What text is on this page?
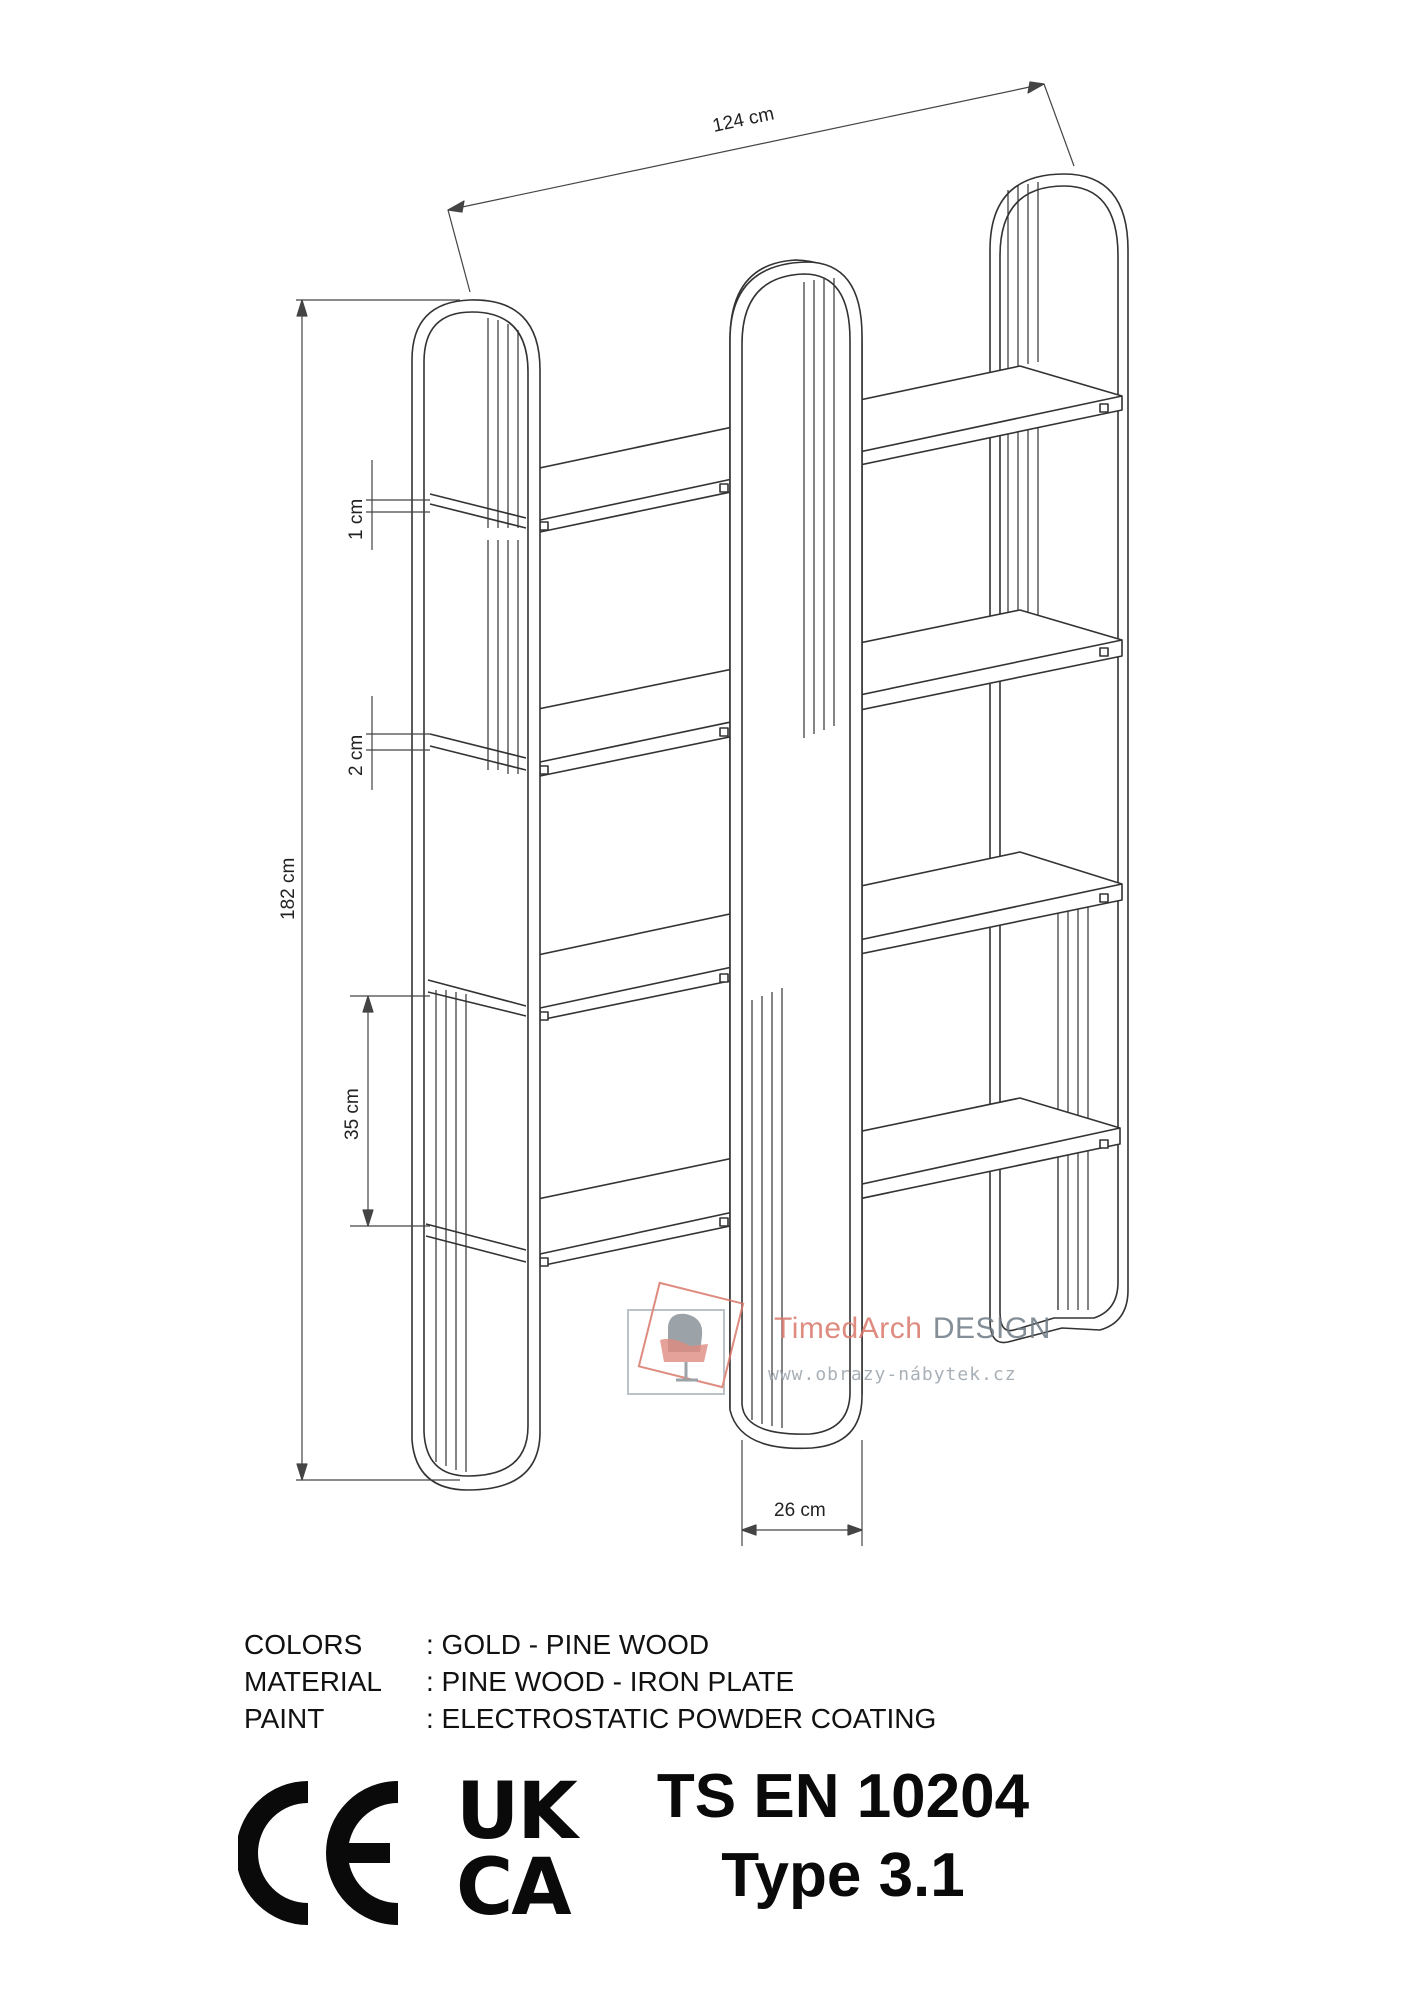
124 cm
182 cm
1 cm
2 cm
35 cm
26 cm
TimedArch DESIGN
www.obrazy-nábytek.cz
COLORS	: GOLD - PINE WOOD
MATERIAL	: PINE WOOD - IRON PLATE
PAINT	: ELECTROSTATIC POWDER COATING
UK
CA
TS EN 10204
Type 3.1
